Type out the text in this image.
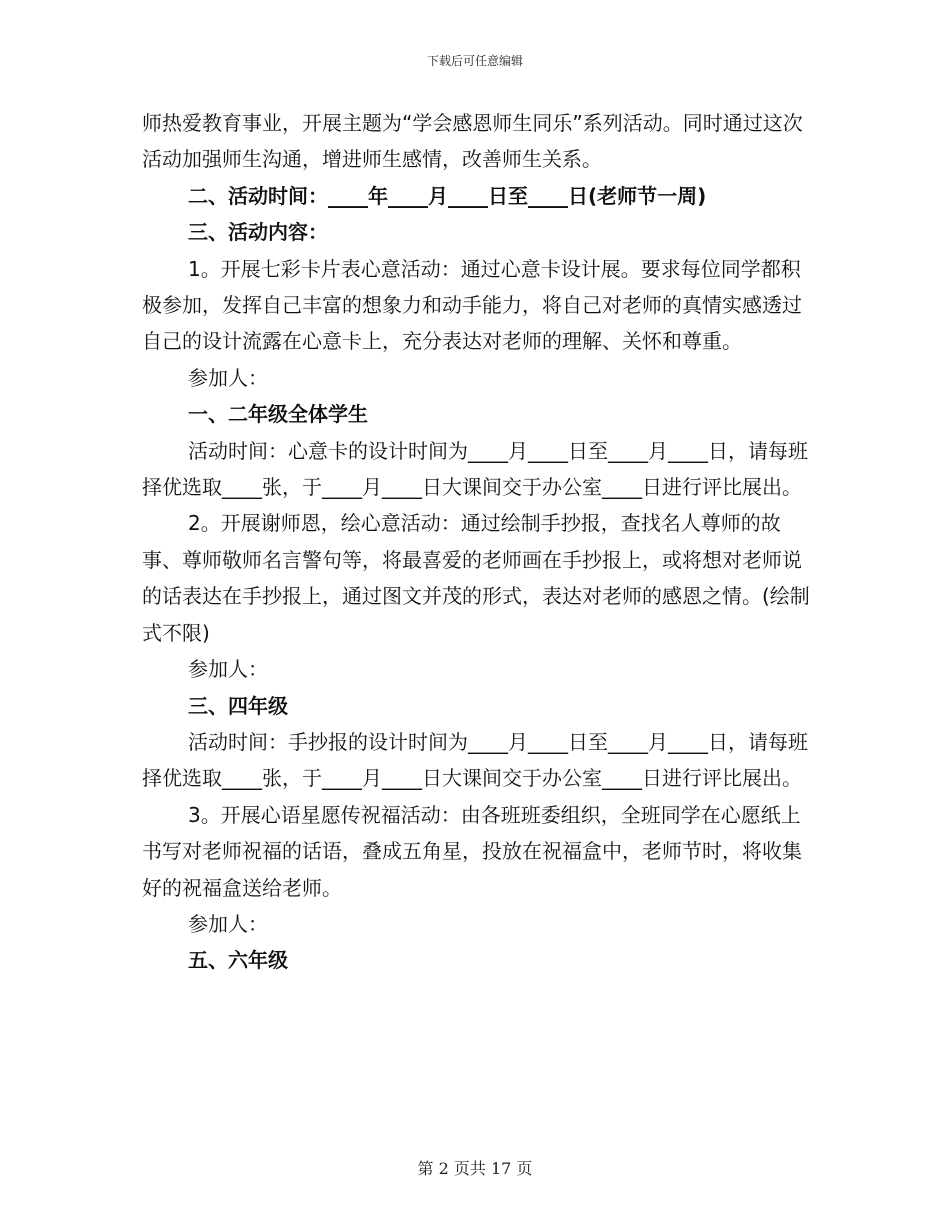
下载后可任意编辑

师热爱教育事业，开展主题为“学会感恩师生同乐”系列活动。同时通过这次活动加强师生沟通，增进师生感情，改善师生关系。

二、活动时间：____年____月____日至____日(老师节一周)

三、活动内容：

1。开展七彩卡片表心意活动：通过心意卡设计展。要求每位同学都积极参加，发挥自己丰富的想象力和动手能力，将自己对老师的真情实感透过自己的设计流露在心意卡上，充分表达对老师的理解、关怀和尊重。

参加人：

一、二年级全体学生

活动时间：心意卡的设计时间为____月____日至____月____日，请每班择优选取____张，于____月____日大课间交于办公室____日进行评比展出。

2。开展谢师恩，绘心意活动：通过绘制手抄报，查找名人尊师的故事、尊师敬师名言警句等，将最喜爱的老师画在手抄报上，或将想对老师说的话表达在手抄报上，通过图文并茂的形式，表达对老师的感恩之情。(绘制式不限)

参加人：

三、四年级

活动时间：手抄报的设计时间为____月____日至____月____日，请每班择优选取____张，于____月____日大课间交于办公室____日进行评比展出。

3。开展心语星愿传祝福活动：由各班班委组织，全班同学在心愿纸上书写对老师祝福的话语，叠成五角星，投放在祝福盒中，老师节时，将收集好的祝福盒送给老师。

参加人：

五、六年级

第 2 页共 17 页
